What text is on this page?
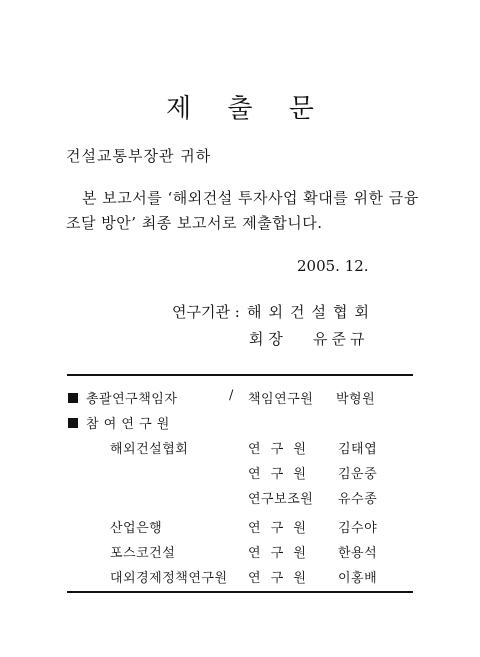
제 출 문
건설교통부장관 귀하
본 보고서를 ‘해외건설 투자사업 확대를 위한 금융
조달 방안’ 최종 보고서로 제출합니다.
2005. 12.
연구기관 : 해외건설협회
회 장 유준규
총괄연구책임자	/ 책임연구원 박형원
참 여 연 구 원
해외건설협회	연 구 원 김태엽
연 구 원 김운중
연구보조원 유수종
산업은행	연 구 원 김수야
포스코건설	연 구 원 한용석
대외경제정책연구원 연 구 원 이홍배
